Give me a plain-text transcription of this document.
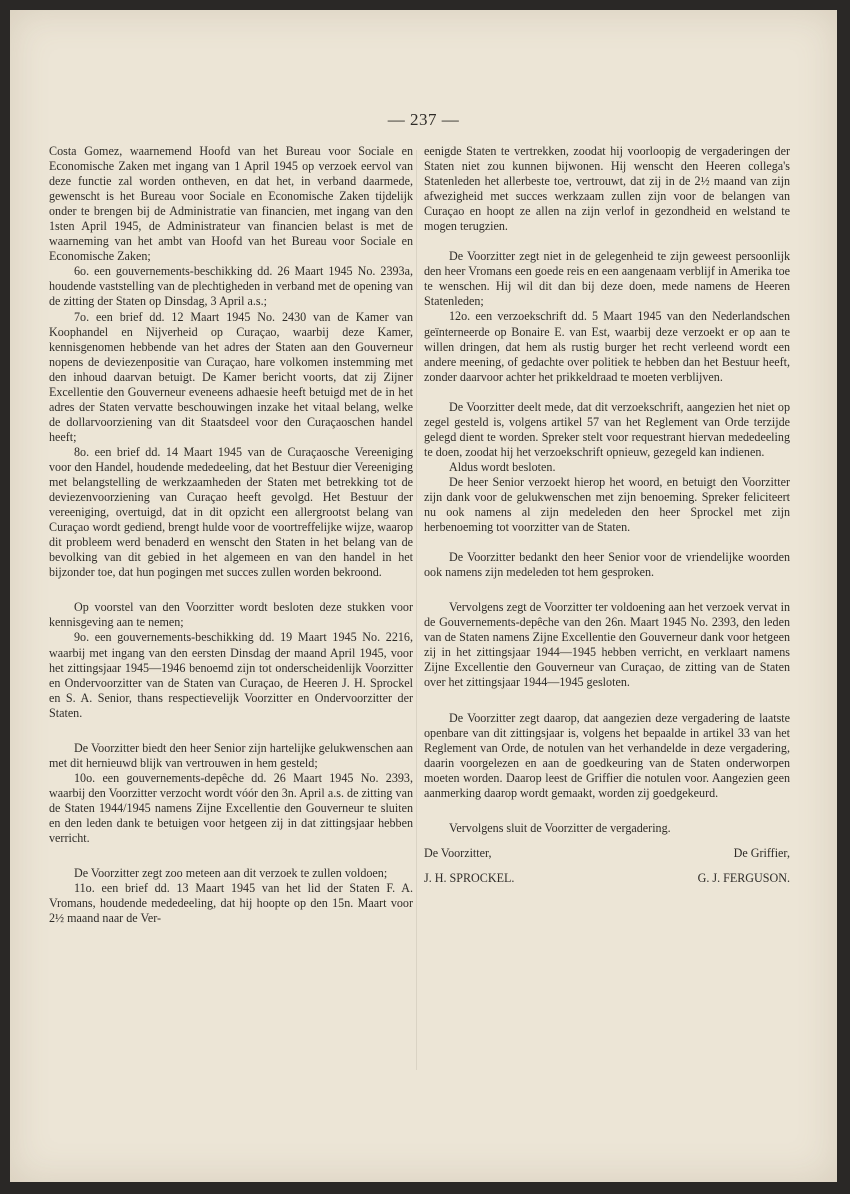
— 237 —

Costa Gomez, waarnemend Hoofd van het Bureau voor Sociale en Economische Zaken met ingang van 1 April 1945 op verzoek eervol van deze functie zal worden ontheven, en dat het, in verband daarmede, gewenscht is het Bureau voor Sociale en Economische Zaken tijdelijk onder te brengen bij de Administratie van financien, met ingang van den 1sten April 1945, de Administrateur van financien belast is met de waarneming van het ambt van Hoofd van het Bureau voor Sociale en Economische Zaken;

6o. een gouvernements-beschikking dd. 26 Maart 1945 No. 2393a, houdende vaststelling van de plechtigheden in verband met de opening van de zitting der Staten op Dinsdag, 3 April a.s.;

7o. een brief dd. 12 Maart 1945 No. 2430 van de Kamer van Koophandel en Nijverheid op Curaçao, waarbij deze Kamer, kennisgenomen hebbende van het adres der Staten aan den Gouverneur nopens de deviezenpositie van Curaçao, hare volkomen instemming met den inhoud daarvan betuigt. De Kamer bericht voorts, dat zij Zijner Excellentie den Gouverneur eveneens adhaesie heeft betuigd met de in het adres der Staten vervatte beschouwingen inzake het vitaal belang, welke de dollarvoorziening van dit Staatsdeel voor den Curaçaoschen handel heeft;

8o. een brief dd. 14 Maart 1945 van de Curaçaosche Vereeniging voor den Handel, houdende mededeeling, dat het Bestuur dier Vereeniging met belangstelling de werkzaamheden der Staten met betrekking tot de deviezenvoorziening van Curaçao heeft gevolgd. Het Bestuur der vereeniging, overtuigd, dat in dit opzicht een allergrootst belang van Curaçao wordt gediend, brengt hulde voor de voortreffelijke wijze, waarop dit probleem werd benaderd en wenscht den Staten in het belang van de bevolking van dit gebied in het algemeen en van den handel in het bijzonder toe, dat hun pogingen met succes zullen worden bekroond.

Op voorstel van den Voorzitter wordt besloten deze stukken voor kennisgeving aan te nemen;

9o. een gouvernements-beschikking dd. 19 Maart 1945 No. 2216, waarbij met ingang van den eersten Dinsdag der maand April 1945, voor het zittingsjaar 1945—1946 benoemd zijn tot onderscheidenlijk Voorzitter en Ondervoorzitter van de Staten van Curaçao, de Heeren J. H. Sprockel en S. A. Senior, thans respectievelijk Voorzitter en Ondervoorzitter der Staten.

De Voorzitter biedt den heer Senior zijn hartelijke gelukwenschen aan met dit hernieuwd blijk van vertrouwen in hem gesteld;

10o. een gouvernements-depêche dd. 26 Maart 1945 No. 2393, waarbij den Voorzitter verzocht wordt vóór den 3n. April a.s. de zitting van de Staten 1944/1945 namens Zijne Excellentie den Gouverneur te sluiten en den leden dank te betuigen voor hetgeen zij in dat zittingsjaar hebben verricht.

De Voorzitter zegt zoo meteen aan dit verzoek te zullen voldoen;

11o. een brief dd. 13 Maart 1945 van het lid der Staten F. A. Vromans, houdende mededeeling, dat hij hoopte op den 15n. Maart voor 2½ maand naar de Ver-

eenigde Staten te vertrekken, zoodat hij voorloopig de vergaderingen der Staten niet zou kunnen bijwonen. Hij wenscht den Heeren collega's Statenleden het allerbeste toe, vertrouwt, dat zij in de 2½ maand van zijn afwezigheid met succes werkzaam zullen zijn voor de belangen van Curaçao en hoopt ze allen na zijn verlof in gezondheid en welstand te mogen terugzien.

De Voorzitter zegt niet in de gelegenheid te zijn geweest persoonlijk den heer Vromans een goede reis en een aangenaam verblijf in Amerika toe te wenschen. Hij wil dit dan bij deze doen, mede namens de Heeren Statenleden;

12o. een verzoekschrift dd. 5 Maart 1945 van den Nederlandschen geïnterneerde op Bonaire E. van Est, waarbij deze verzoekt er op aan te willen dringen, dat hem als rustig burger het recht verleend wordt een andere meening, of gedachte over politiek te hebben dan het Bestuur heeft, zonder daarvoor achter het prikkeldraad te moeten verblijven.

De Voorzitter deelt mede, dat dit verzoekschrift, aangezien het niet op zegel gesteld is, volgens artikel 57 van het Reglement van Orde terzijde gelegd dient te worden. Spreker stelt voor requestrant hiervan mededeeling te doen, zoodat hij het verzoekschrift opnieuw, gezegeld kan indienen.

Aldus wordt besloten.

De heer Senior verzoekt hierop het woord, en betuigt den Voorzitter zijn dank voor de gelukwenschen met zijn benoeming. Spreker feliciteert nu ook namens al zijn medeleden den heer Sprockel met zijn herbenoeming tot voorzitter van de Staten.

De Voorzitter bedankt den heer Senior voor de vriendelijke woorden ook namens zijn medeleden tot hem gesproken.

Vervolgens zegt de Voorzitter ter voldoening aan het verzoek vervat in de Gouvernements-depêche van den 26n. Maart 1945 No. 2393, den leden van de Staten namens Zijne Excellentie den Gouverneur dank voor hetgeen zij in het zittingsjaar 1944—1945 hebben verricht, en verklaart namens Zijne Excellentie den Gouverneur van Curaçao, de zitting van de Staten over het zittingsjaar 1944—1945 gesloten.

De Voorzitter zegt daarop, dat aangezien deze vergadering de laatste openbare van dit zittingsjaar is, volgens het bepaalde in artikel 33 van het Reglement van Orde, de notulen van het verhandelde in deze vergadering, daarin voorgelezen en aan de goedkeuring van de Staten onderworpen moeten worden. Daarop leest de Griffier die notulen voor. Aangezien geen aanmerking daarop wordt gemaakt, worden zij goedgekeurd.

Vervolgens sluit de Voorzitter de vergadering.

De Voorzitter,	De Griffier,
J. H. SPROCKEL.	G. J. FERGUSON.
